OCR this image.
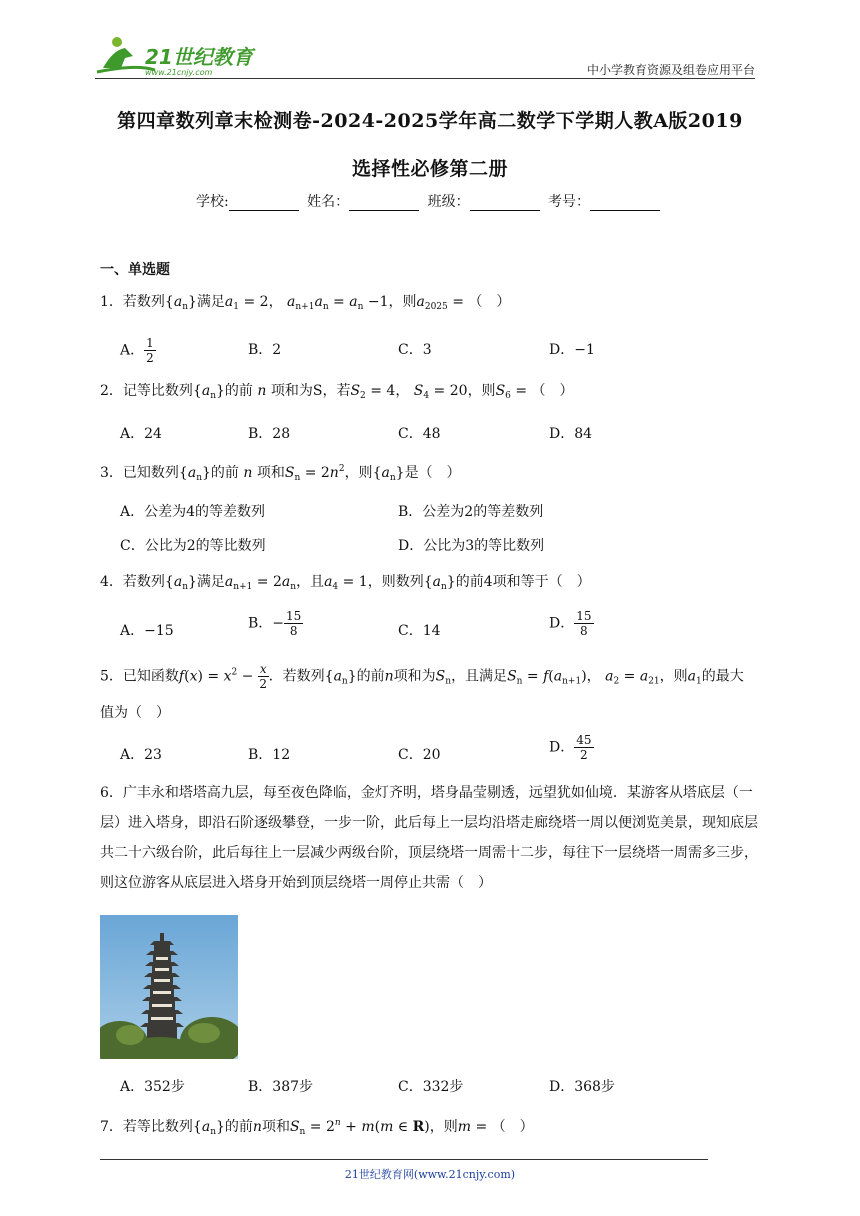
21世纪教育
www.21cnjy.com	中小学教育资源及组卷应用平台
第四章数列章末检测卷-2024-2025学年高二数学下学期人教A版2019
选择性必修第二册
学校:	姓名：	班级：	考号：
一、单选题
1．若数列$\{a_n\}$满足$a_1 = 2$， $a_{n+1}a_n = a_n -1$，则$a_{2025}$ = （　）
A． $\frac{1}{2}$	B．2	C．3	D．−1
2．记等比数列$\{a_n\}$的前 n 项和为S，若$S_2 = 4$， $S_4 = 20$，则$S_6$ = （　）
A．24	B．28	C．48	D．84
3．已知数列$\{a_n\}$的前 n 项和$S_n = 2n^2$，则$\{a_n\}$是（　）
A．公差为4的等差数列	B．公差为2的等差数列
C．公比为2的等比数列	D．公比为3的等比数列
4．若数列$\{a_n\}$满足$a_{n+1} = 2a_n$，且$a_4 = 1$，则数列$\{a_n\}$的前4项和等于（　）
A．−15	B．− $\frac{15}{8}$	C．14	D． $\frac{15}{8}$
5．已知函数$f(x) = x^2 - \frac{x}{2}$ ．若数列$\{a_n\}$的前n项和为$S_n$，且满足$S_n = f(a_{n+1})$， $a_2 = a_{21}$，则$a_1$的最大
值为（　）
A．23	B．12	C．20	D． $\frac{45}{2}$
6．广丰永和塔塔高九层，每至夜色降临，金灯齐明，塔身晶莹剔透，远望犹如仙境．某游客从塔底层（一层）进入塔身，即沿石阶逐级攀登，一步一阶，此后每上一层均沿塔走廊绕塔一周以便浏览美景，现知底层共二十六级台阶，此后每往上一层减少两级台阶，顶层绕塔一周需十二步，每往下一层绕塔一周需多三步，则这位游客从底层进入塔身开始到顶层绕塔一周停止共需（　）
A．352步	B．387步	C．332步	D．368步
7．若等比数列$\{a_n\}$的前n项和$S_n = 2^n + m(m$ ∈ R)，则m = （　）
21世纪教育网(www.21cnjy.com)
